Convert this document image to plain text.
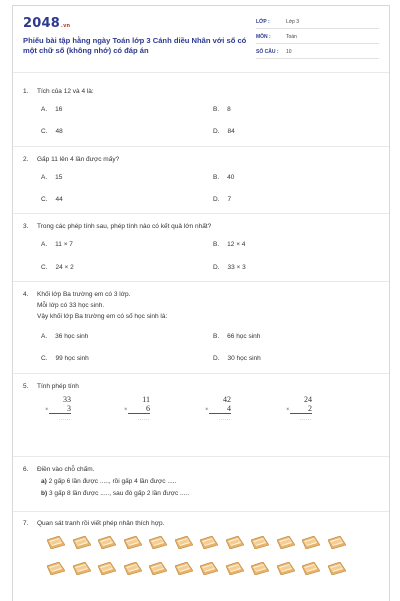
2048.vn
Phiếu bài tập hằng ngày Toán lớp 3 Cánh diều Nhân với số có một chữ số (không nhớ) có đáp án
LỚP :	Lớp 3
MÔN :	Toán
SỐ CÂU : 10
1. Tích của 12 và 4 là:
A. 16	B. 8
C. 48	D. 84
2. Gấp 11 lên 4 lần được mấy?
A. 15	B. 40
C. 44	D. 7
3. Trong các phép tính sau, phép tính nào có kết quả lớn nhất?
A. 11 × 7	B. 12 × 4
C. 24 × 2	D. 33 × 3
4. Khối lớp Ba trường em có 3 lớp.
Mỗi lớp có 33 học sinh.
Vậy khối lớp Ba trường em có số học sinh là:
A. 36 học sinh	B. 66 học sinh
C. 99 học sinh	D. 30 học sinh
5. Tính phép tính
33
×	3
......
11
×	6
......
42
×	4
......
24
×	2
......
6. Điền vào chỗ chấm.
a) 2 gấp 6 lần được ....., rồi gấp 4 lần được .....
b) 3 gấp 8 lần được ....., sau đó gấp 2 lần được .....
7. Quan sát tranh rồi viết phép nhân thích hợp.
